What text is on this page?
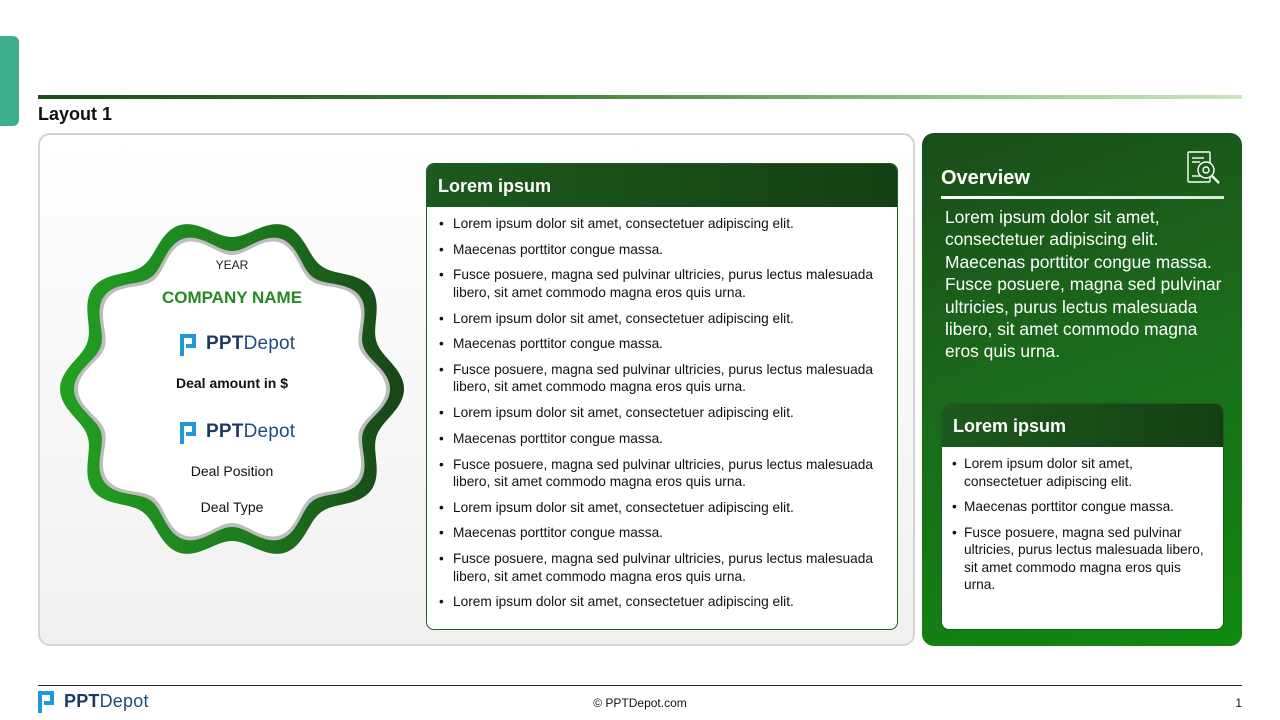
Layout 1
YEAR
COMPANY NAME
PPTDepot
Deal amount in $
PPTDepot
Deal Position
Deal Type
Lorem ipsum
• Lorem ipsum dolor sit amet, consectetuer adipiscing elit.
• Maecenas porttitor congue massa.
• Fusce posuere, magna sed pulvinar ultricies, purus lectus malesuada libero, sit amet commodo magna eros quis urna.
• Lorem ipsum dolor sit amet, consectetuer adipiscing elit.
• Maecenas porttitor congue massa.
• Fusce posuere, magna sed pulvinar ultricies, purus lectus malesuada libero, sit amet commodo magna eros quis urna.
• Lorem ipsum dolor sit amet, consectetuer adipiscing elit.
• Maecenas porttitor congue massa.
• Fusce posuere, magna sed pulvinar ultricies, purus lectus malesuada libero, sit amet commodo magna eros quis urna.
• Lorem ipsum dolor sit amet, consectetuer adipiscing elit.
• Maecenas porttitor congue massa.
• Fusce posuere, magna sed pulvinar ultricies, purus lectus malesuada libero, sit amet commodo magna eros quis urna.
• Lorem ipsum dolor sit amet, consectetuer adipiscing elit.
Overview
Lorem ipsum dolor sit amet, consectetuer adipiscing elit. Maecenas porttitor congue massa. Fusce posuere, magna sed pulvinar ultricies, purus lectus malesuada libero, sit amet commodo magna eros quis urna.
Lorem ipsum
• Lorem ipsum dolor sit amet, consectetuer adipiscing elit.
• Maecenas porttitor congue massa.
• Fusce posuere, magna sed pulvinar ultricies, purus lectus malesuada libero, sit amet commodo magna eros quis urna.
PPTDepot	© PPTDepot.com	1
